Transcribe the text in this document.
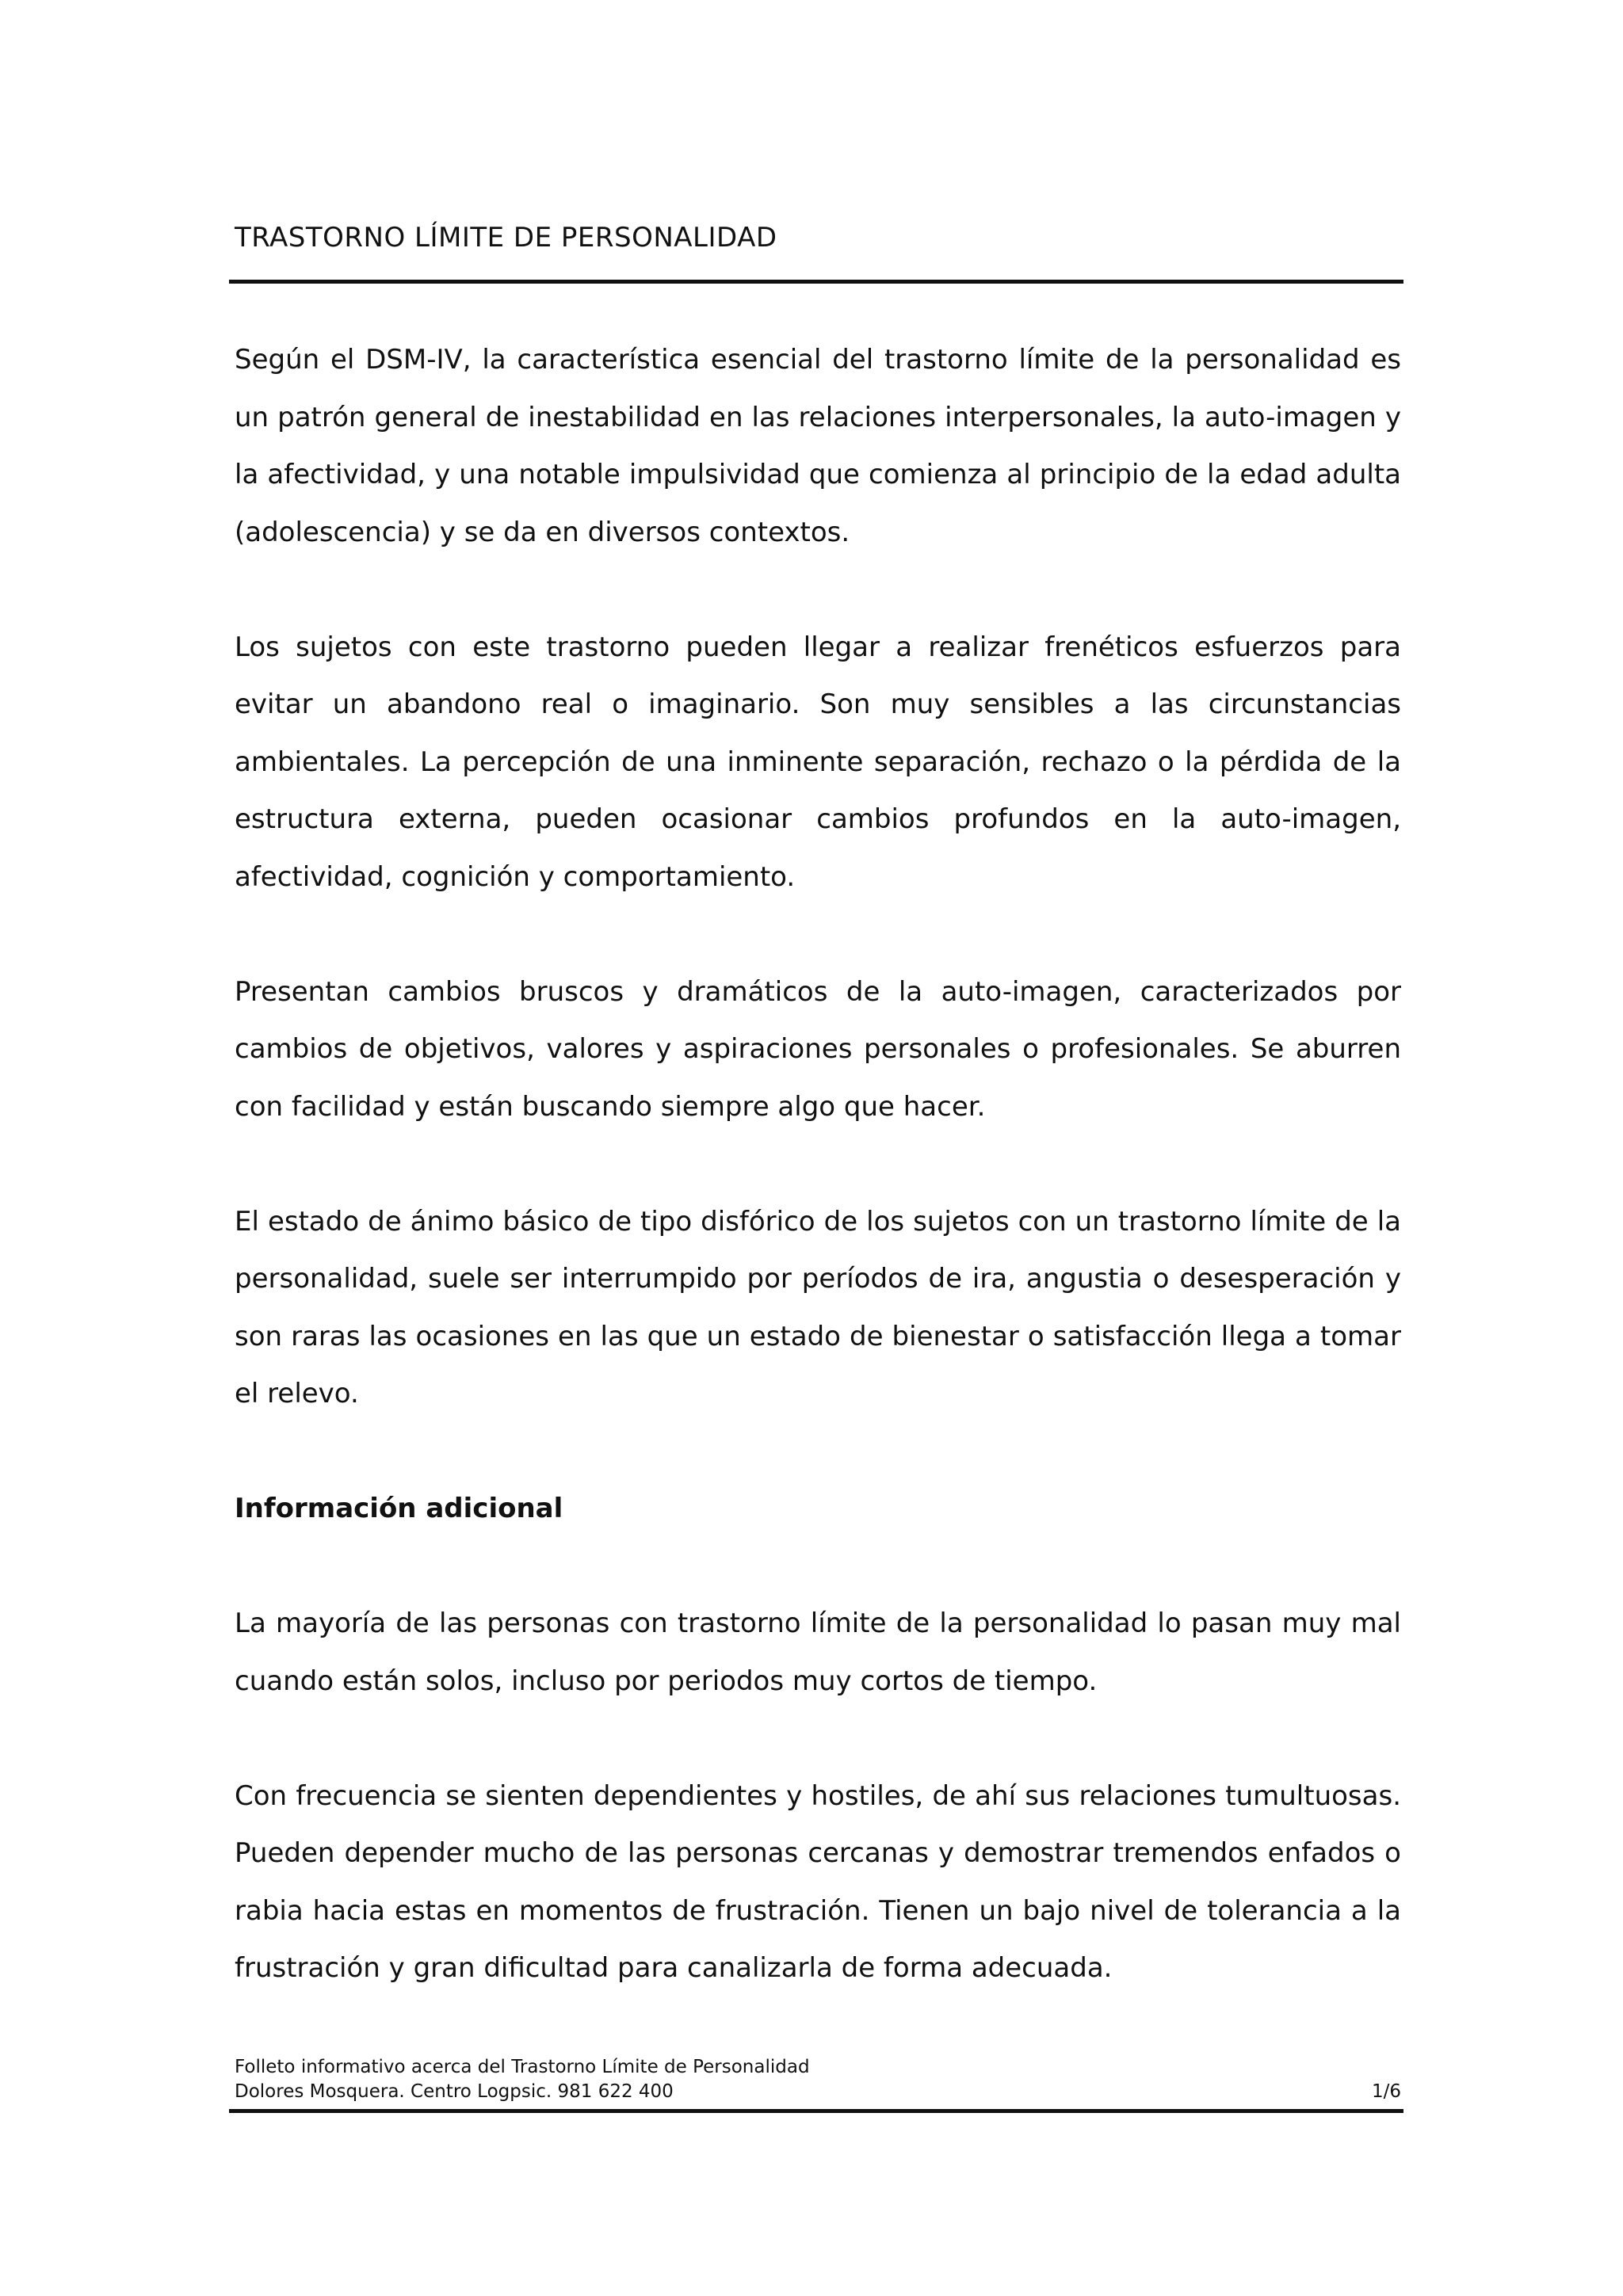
TRASTORNO LÍMITE DE PERSONALIDAD

Según el DSM-IV, la característica esencial del trastorno límite de la personalidad es un patrón general de inestabilidad en las relaciones interpersonales, la auto-imagen y la afectividad, y una notable impulsividad que comienza al principio de la edad adulta (adolescencia) y se da en diversos contextos.

Los sujetos con este trastorno pueden llegar a realizar frenéticos esfuerzos para evitar un abandono real o imaginario. Son muy sensibles a las circunstancias ambientales. La percepción de una inminente separación, rechazo o la pérdida de la estructura externa, pueden ocasionar cambios profundos en la auto-imagen, afectividad, cognición y comportamiento.

Presentan cambios bruscos y dramáticos de la auto-imagen, caracterizados por cambios de objetivos, valores y aspiraciones personales o profesionales. Se aburren con facilidad y están buscando siempre algo que hacer.

El estado de ánimo básico de tipo disfórico de los sujetos con un trastorno límite de la personalidad, suele ser interrumpido por períodos de ira, angustia o desesperación y son raras las ocasiones en las que un estado de bienestar o satisfacción llega a tomar el relevo.

Información adicional

La mayoría de las personas con trastorno límite de la personalidad lo pasan muy mal cuando están solos, incluso por periodos muy cortos de tiempo.

Con frecuencia se sienten dependientes y hostiles, de ahí sus relaciones tumultuosas. Pueden depender mucho de las personas cercanas y demostrar tremendos enfados o rabia hacia estas en momentos de frustración. Tienen un bajo nivel de tolerancia a la frustración y gran dificultad para canalizarla de forma adecuada.

Folleto informativo acerca del Trastorno Límite de Personalidad
Dolores Mosquera. Centro Logpsic. 981 622 400	1/6
